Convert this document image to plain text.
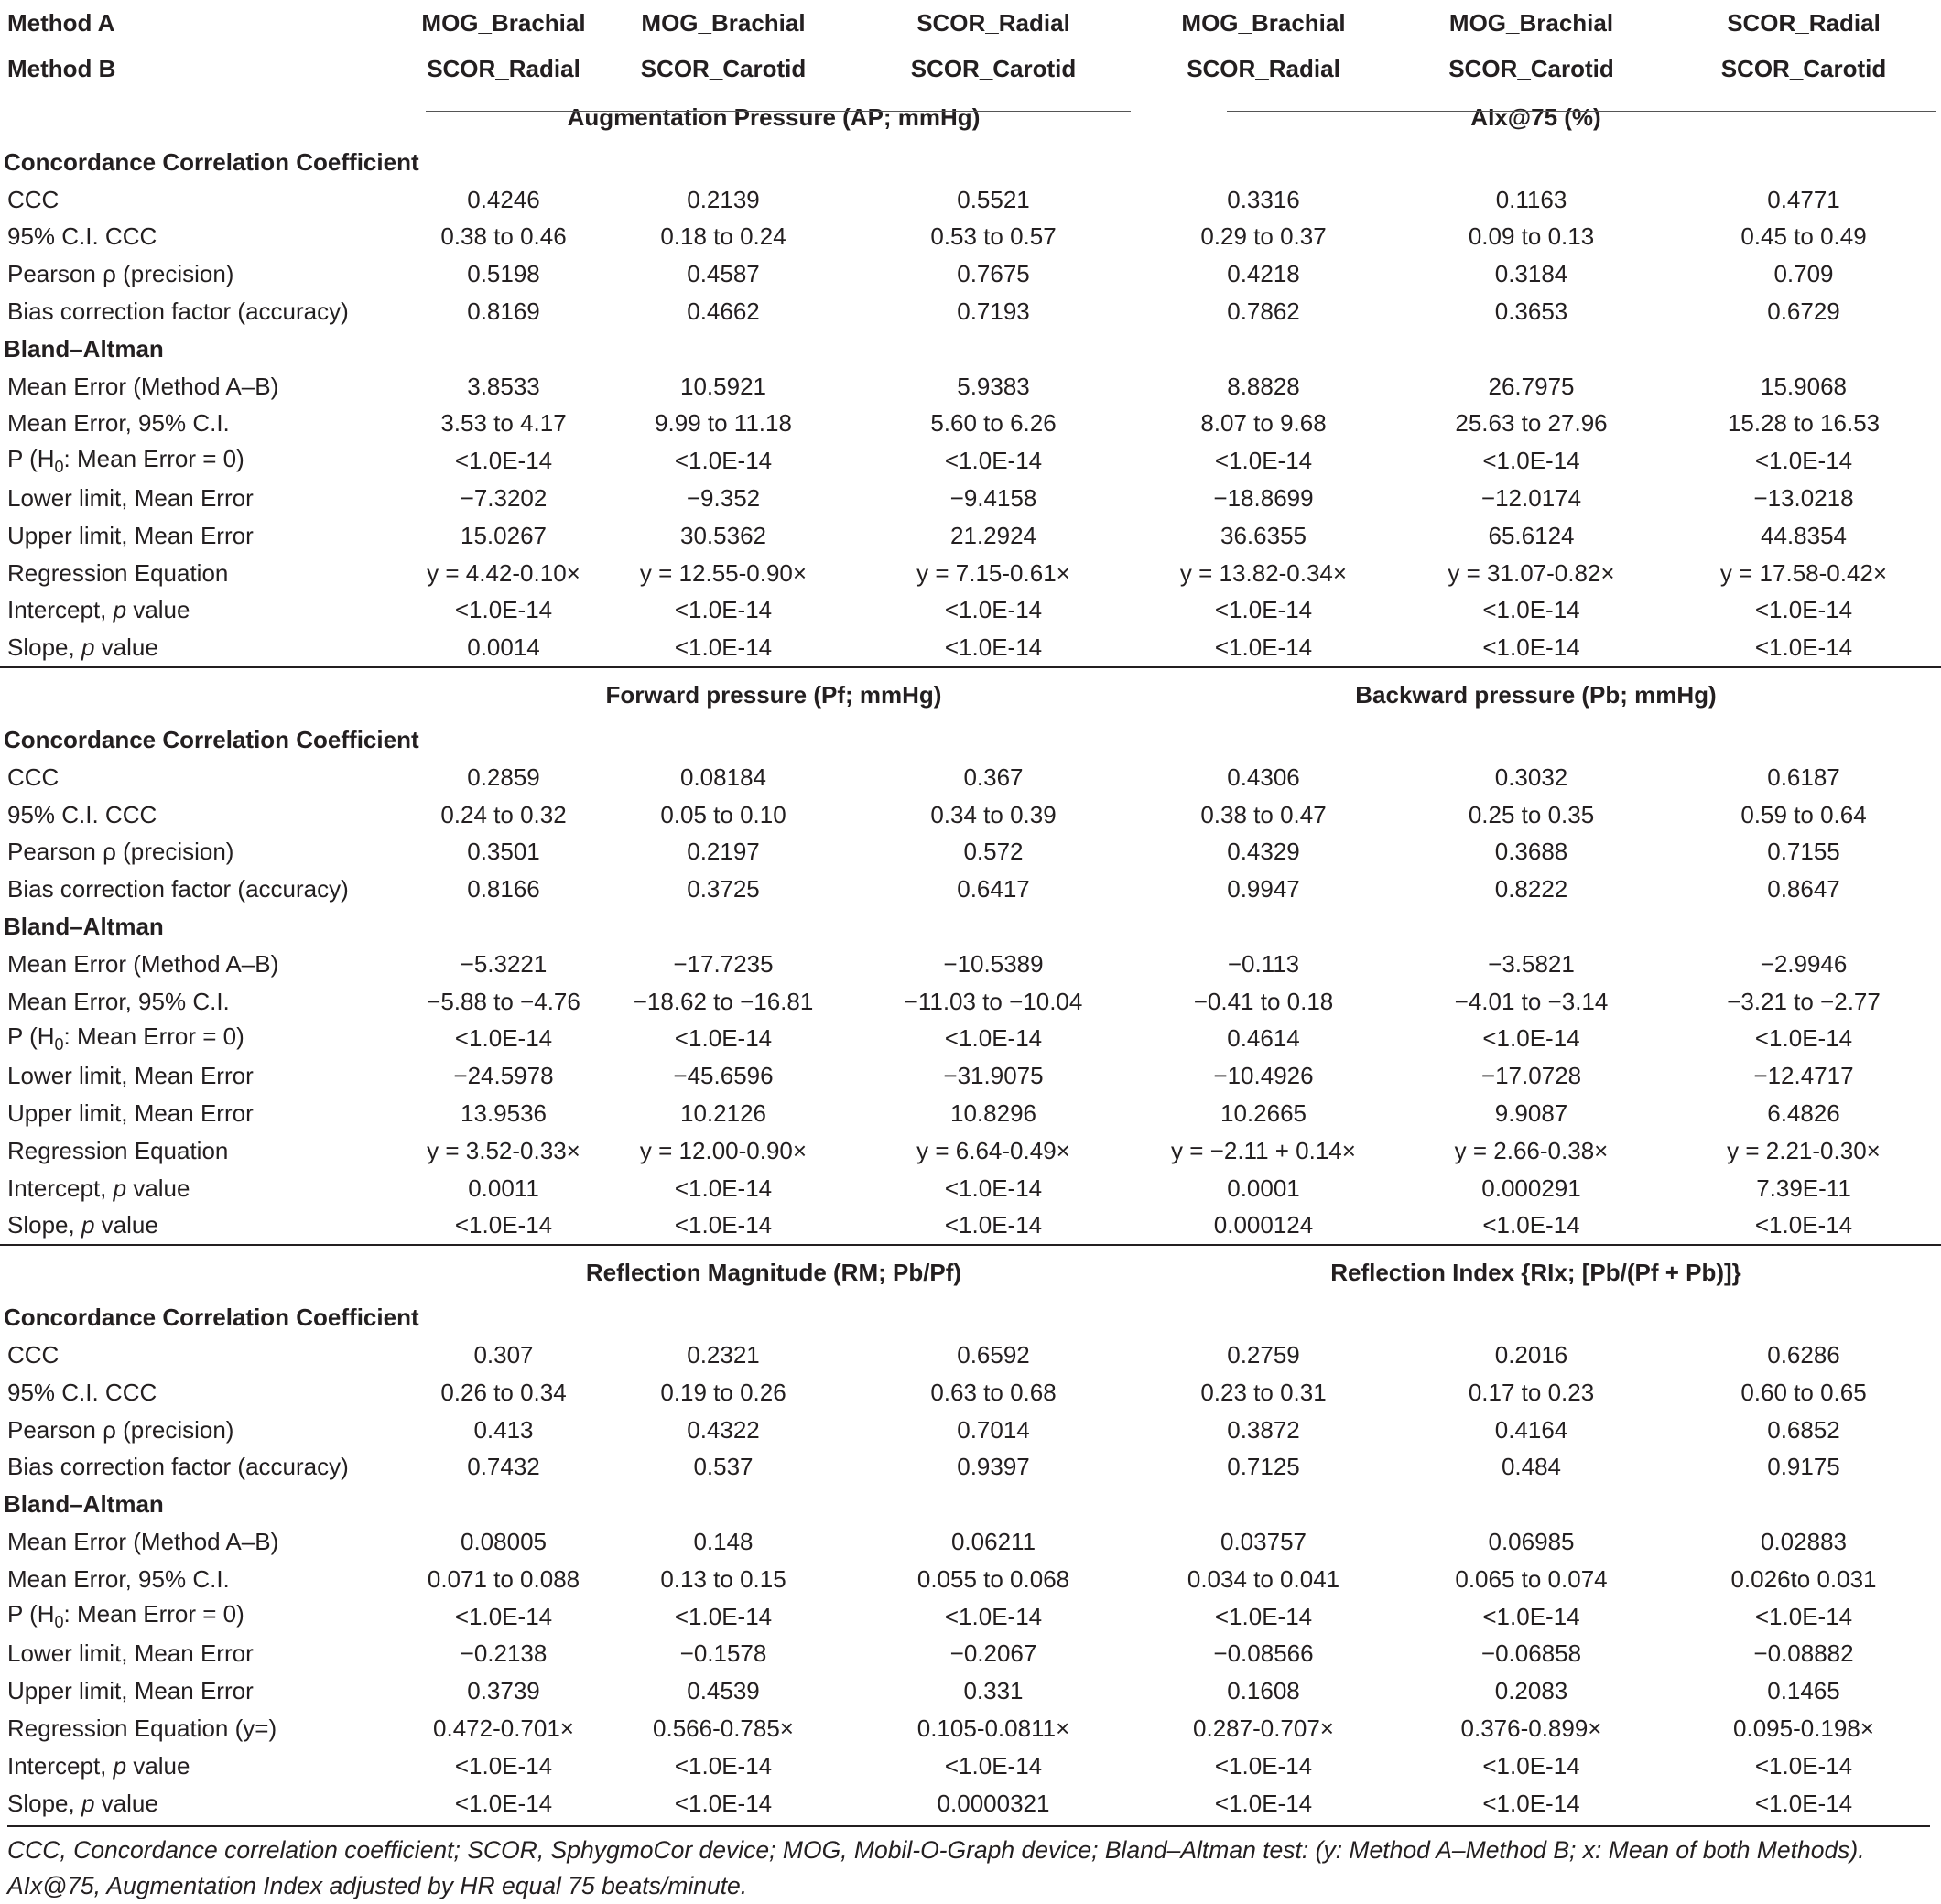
Method A	MOG_Brachial	MOG_Brachial	SCOR_Radial	MOG_Brachial	MOG_Brachial	SCOR_Radial
Method B	SCOR_Radial	SCOR_Carotid	SCOR_Carotid	SCOR_Radial	SCOR_Carotid	SCOR_Carotid
	Augmentation Pressure (AP; mmHg)			AIx@75 (%)		
Concordance Correlation Coefficient						
CCC	0.4246	0.2139	0.5521	0.3316	0.1163	0.4771
95% C.I. CCC	0.38 to 0.46	0.18 to 0.24	0.53 to 0.57	0.29 to 0.37	0.09 to 0.13	0.45 to 0.49
Pearson ρ (precision)	0.5198	0.4587	0.7675	0.4218	0.3184	0.709
Bias correction factor (accuracy)	0.8169	0.4662	0.7193	0.7862	0.3653	0.6729
Bland–Altman						
Mean Error (Method A–B)	3.8533	10.5921	5.9383	8.8828	26.7975	15.9068
Mean Error, 95% C.I.	3.53 to 4.17	9.99 to 11.18	5.60 to 6.26	8.07 to 9.68	25.63 to 27.96	15.28 to 16.53
P ($H_0$: Mean Error = 0)	<1.0E-14	<1.0E-14	<1.0E-14	<1.0E-14	<1.0E-14	<1.0E-14
Lower limit, Mean Error	−7.3202	−9.352	−9.4158	−18.8699	−12.0174	−13.0218
Upper limit, Mean Error	15.0267	30.5362	21.2924	36.6355	65.6124	44.8354
Regression Equation	y = 4.42-0.10×	y = 12.55-0.90×	y = 7.15-0.61×	y = 13.82-0.34×	y = 31.07-0.82×	y = 17.58-0.42×
Intercept, p value	<1.0E-14	<1.0E-14	<1.0E-14	<1.0E-14	<1.0E-14	<1.0E-14
Slope, p value	0.0014	<1.0E-14	<1.0E-14	<1.0E-14	<1.0E-14	<1.0E-14
	Forward pressure (Pf; mmHg)			Backward pressure (Pb; mmHg)		
Concordance Correlation Coefficient						
CCC	0.2859	0.08184	0.367	0.4306	0.3032	0.6187
95% C.I. CCC	0.24 to 0.32	0.05 to 0.10	0.34 to 0.39	0.38 to 0.47	0.25 to 0.35	0.59 to 0.64
Pearson ρ (precision)	0.3501	0.2197	0.572	0.4329	0.3688	0.7155
Bias correction factor (accuracy)	0.8166	0.3725	0.6417	0.9947	0.8222	0.8647
Bland–Altman						
Mean Error (Method A–B)	−5.3221	−17.7235	−10.5389	−0.113	−3.5821	−2.9946
Mean Error, 95% C.I.	−5.88 to −4.76	−18.62 to −16.81	−11.03 to −10.04	−0.41 to 0.18	−4.01 to −3.14	−3.21 to −2.77
P ($H_0$: Mean Error = 0)	<1.0E-14	<1.0E-14	<1.0E-14	0.4614	<1.0E-14	<1.0E-14
Lower limit, Mean Error	−24.5978	−45.6596	−31.9075	−10.4926	−17.0728	−12.4717
Upper limit, Mean Error	13.9536	10.2126	10.8296	10.2665	9.9087	6.4826
Regression Equation	y = 3.52-0.33×	y = 12.00-0.90×	y = 6.64-0.49×	y = −2.11 + 0.14×	y = 2.66-0.38×	y = 2.21-0.30×
Intercept, p value	0.0011	<1.0E-14	<1.0E-14	0.0001	0.000291	7.39E-11
Slope, p value	<1.0E-14	<1.0E-14	<1.0E-14	0.000124	<1.0E-14	<1.0E-14
	Reflection Magnitude (RM; Pb/Pf)			Reflection Index {RIx; [Pb/(Pf + Pb)]}		
Concordance Correlation Coefficient						
CCC	0.307	0.2321	0.6592	0.2759	0.2016	0.6286
95% C.I. CCC	0.26 to 0.34	0.19 to 0.26	0.63 to 0.68	0.23 to 0.31	0.17 to 0.23	0.60 to 0.65
Pearson ρ (precision)	0.413	0.4322	0.7014	0.3872	0.4164	0.6852
Bias correction factor (accuracy)	0.7432	0.537	0.9397	0.7125	0.484	0.9175
Bland–Altman						
Mean Error (Method A–B)	0.08005	0.148	0.06211	0.03757	0.06985	0.02883
Mean Error, 95% C.I.	0.071 to 0.088	0.13 to 0.15	0.055 to 0.068	0.034 to 0.041	0.065 to 0.074	0.026to 0.031
P ($H_0$: Mean Error = 0)	<1.0E-14	<1.0E-14	<1.0E-14	<1.0E-14	<1.0E-14	<1.0E-14
Lower limit, Mean Error	−0.2138	−0.1578	−0.2067	−0.08566	−0.06858	−0.08882
Upper limit, Mean Error	0.3739	0.4539	0.331	0.1608	0.2083	0.1465
Regression Equation (y=)	0.472-0.701×	0.566-0.785×	0.105-0.0811×	0.287-0.707×	0.376-0.899×	0.095-0.198×
Intercept, p value	<1.0E-14	<1.0E-14	<1.0E-14	<1.0E-14	<1.0E-14	<1.0E-14
Slope, p value	<1.0E-14	<1.0E-14	0.0000321	<1.0E-14	<1.0E-14	<1.0E-14
CCC, Concordance correlation coefficient; SCOR, SphygmoCor device; MOG, Mobil-O-Graph device; Bland–Altman test: (y: Method A–Method B; x: Mean of both Methods). AIx@75, Augmentation Index adjusted by HR equal 75 beats/minute.
